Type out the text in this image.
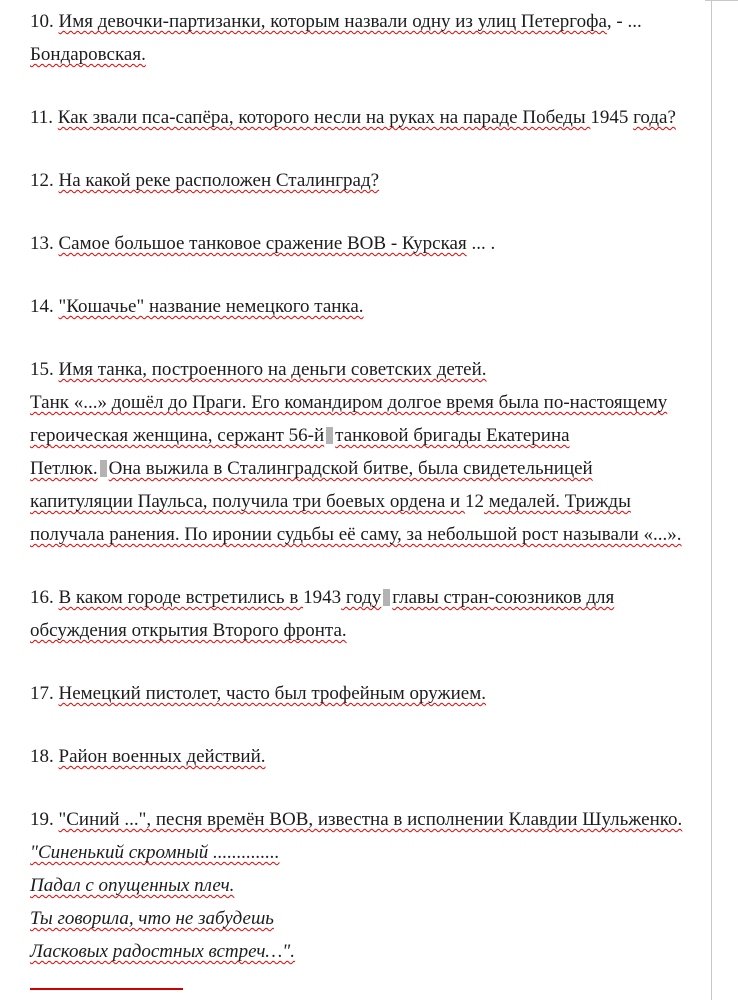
10. Имя девочки-партизанки, которым назвали одну из улиц Петергофа, - ...
Бондаровская.
11. Как звали пса-сапёра, которого несли на руках на параде Победы 1945 года?
12. На какой реке расположен Сталинград?
13. Самое большое танковое сражение ВОВ - Курская ... .
14. "Кошачье" название немецкого танка.
15. Имя танка, построенного на деньги советских детей.
Танк «...» дошёл до Праги. Его командиром долгое время была по-настоящему
героическая женщина, сержант 56-й танковой бригады Екатерина
Петлюк. Она выжила в Сталинградской битве, была свидетельницей
капитуляции Паульса, получила три боевых ордена и 12 медалей. Трижды
получала ранения. По иронии судьбы её саму, за небольшой рост называли «...».
16. В каком городе встретились в 1943 году главы стран-союзников для
обсуждения открытия Второго фронта.
17. Немецкий пистолет, часто был трофейным оружием.
18. Район военных действий.
19. "Синий ...", песня времён ВОВ, известна в исполнении Клавдии Шульженко.
"Синенький скромный ..............
Падал с опущенных плеч.
Ты говорила, что не забудешь
Ласковых радостных встреч…".
